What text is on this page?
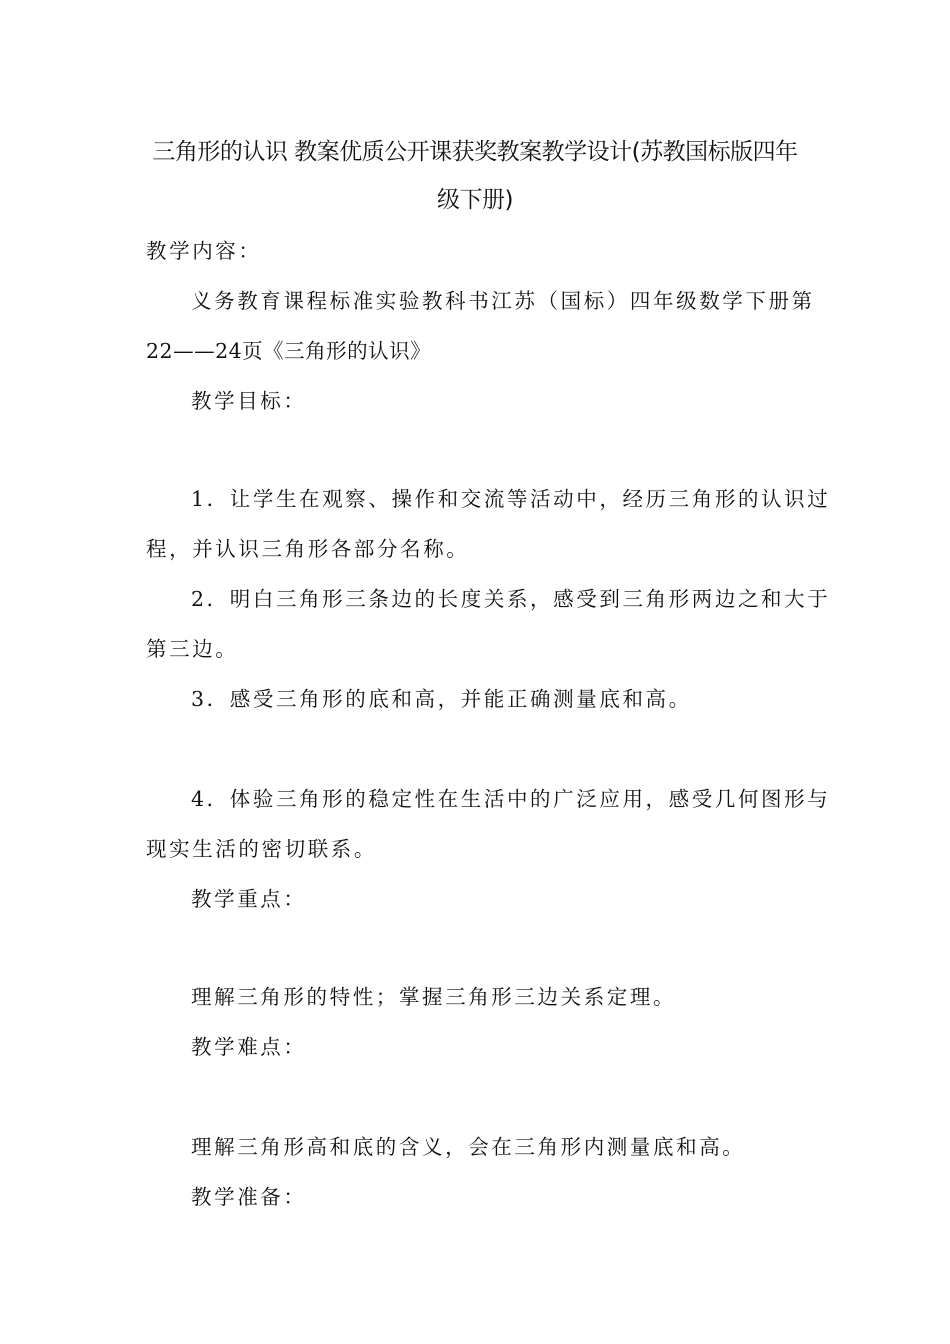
三角形的认识 教案优质公开课获奖教案教学设计(苏教国标版四年
级下册)
教学内容：
义务教育课程标准实验教科书江苏（国标）四年级数学下册第
22——24页《三角形的认识》
教学目标：
1．让学生在观察、操作和交流等活动中，经历三角形的认识过
程，并认识三角形各部分名称。
2．明白三角形三条边的长度关系，感受到三角形两边之和大于
第三边。
3．感受三角形的底和高，并能正确测量底和高。
4．体验三角形的稳定性在生活中的广泛应用，感受几何图形与
现实生活的密切联系。
教学重点：
理解三角形的特性；掌握三角形三边关系定理。
教学难点：
理解三角形高和底的含义，会在三角形内测量底和高。
教学准备：
